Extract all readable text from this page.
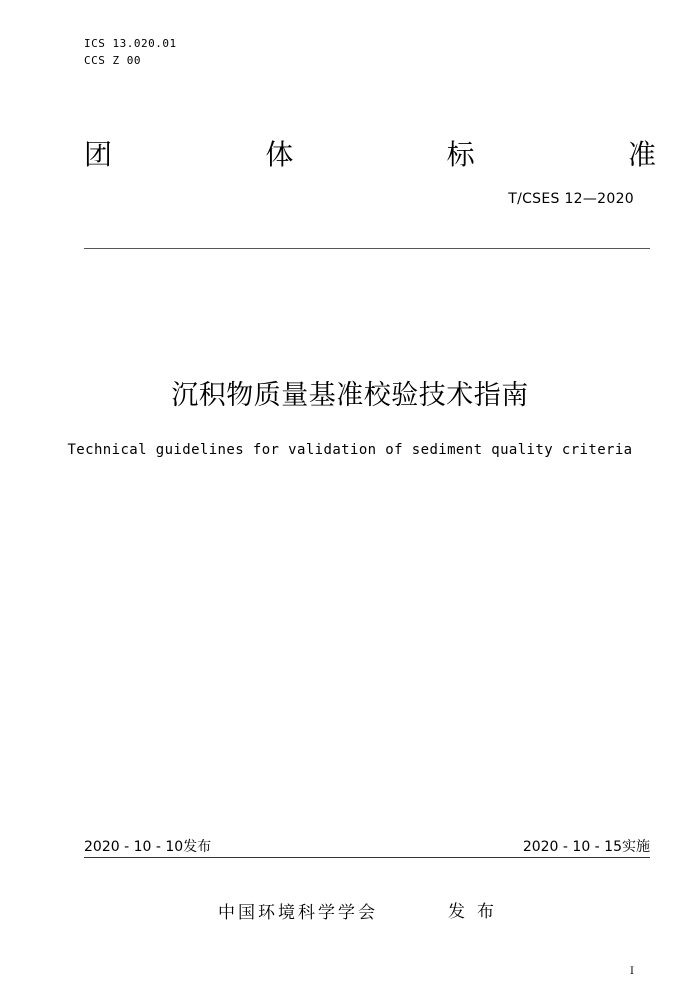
ICS 13.020.01
CCS Z 00
团	体	标	准
T/CSES 12—2020
沉积物质量基准校验技术指南
Technical guidelines for validation of sediment quality criteria
2020 - 10 - 10发布	2020 - 10 - 15实施
中国环境科学学会	发布
I
